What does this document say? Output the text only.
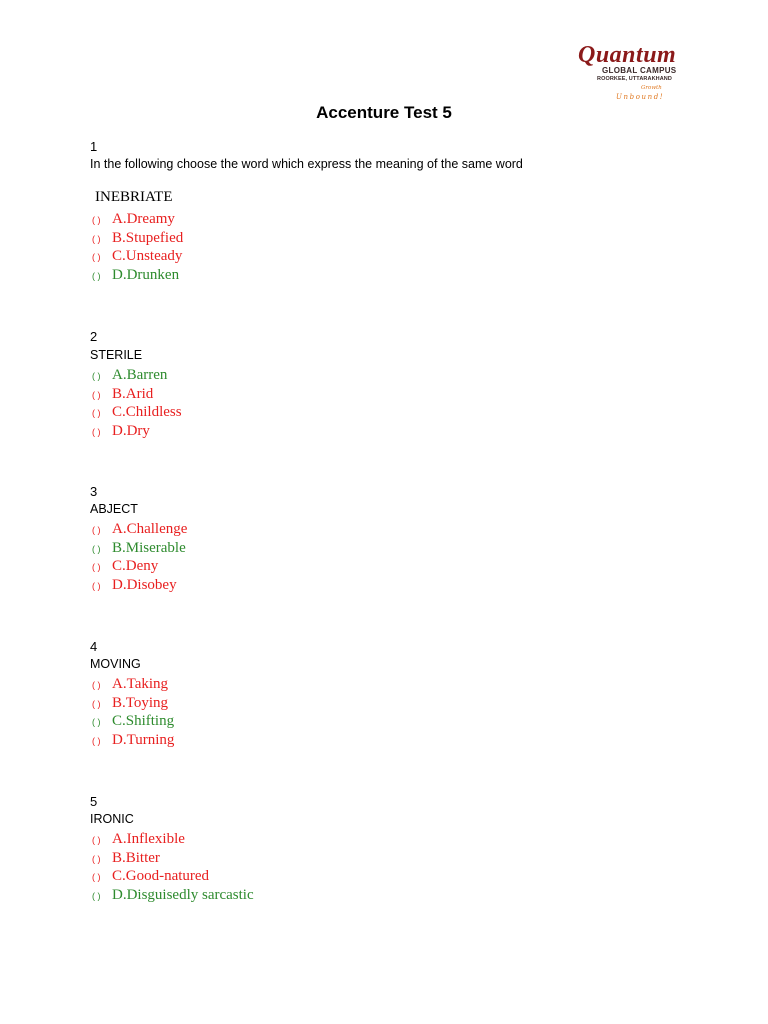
Quantum
GLOBAL CAMPUS
ROORKEE, UTTARAKHAND
Growth
Unbound!
Accenture Test 5
1
In the following choose the word which express the meaning of the same word
INEBRIATE
( ) A.Dreamy
( ) B.Stupefied
( ) C.Unsteady
( ) D.Drunken
2
STERILE
( ) A.Barren
( ) B.Arid
( ) C.Childless
( ) D.Dry
3
ABJECT
( ) A.Challenge
( ) B.Miserable
( ) C.Deny
( ) D.Disobey
4
MOVING
( ) A.Taking
( ) B.Toying
( ) C.Shifting
( ) D.Turning
5
IRONIC
( ) A.Inflexible
( ) B.Bitter
( ) C.Good-natured
( ) D.Disguisedly sarcastic
